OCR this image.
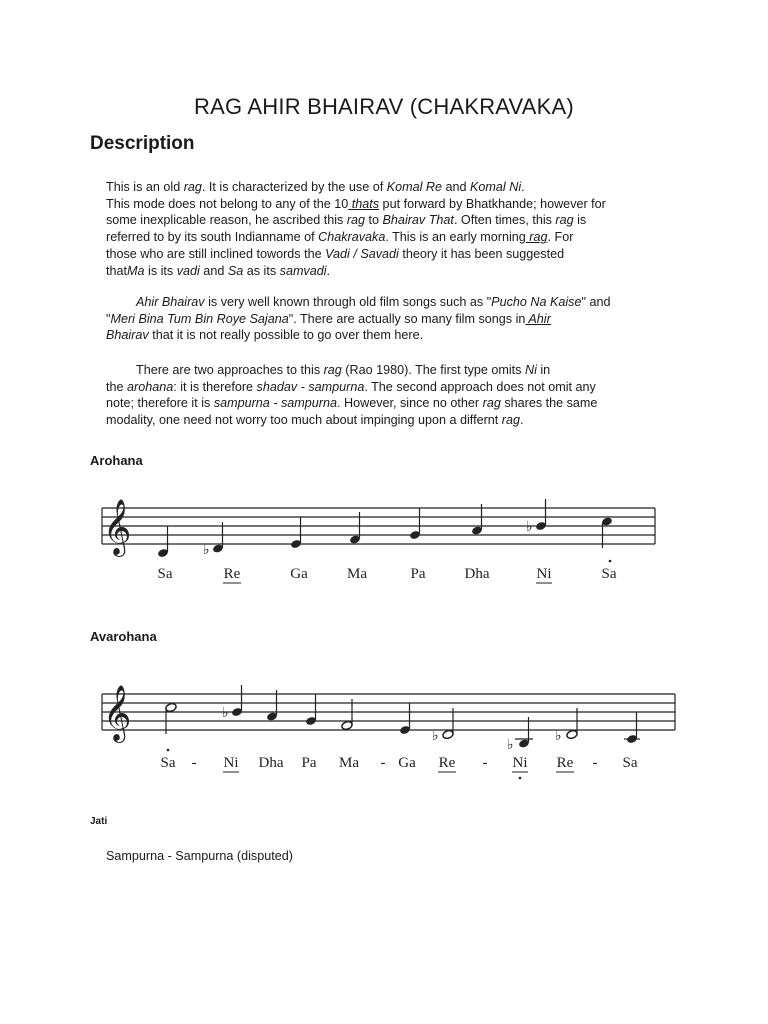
RAG AHIR BHAIRAV (CHAKRAVAKA)
Description
This is an old rag. It is characterized by the use of Komal Re and Komal Ni.
This mode does not belong to any of the 10 thats put forward by Bhatkhande; however for
some inexplicable reason, he ascribed this rag to Bhairav That. Often times, this rag is
referred to by its south Indianname of Chakravaka. This is an early morning rag. For
those who are still inclined towords the Vadi / Savadi theory it has been suggested
thatMa is its vadi and Sa as its samvadi.
Ahir Bhairav is very well known through old film songs such as "Pucho Na Kaise" and
"Meri Bina Tum Bin Roye Sajana". There are actually so many film songs in Ahir
Bhairav that it is not really possible to go over them here.
There are two approaches to this rag (Rao 1980). The first type omits Ni in
the arohana: it is therefore shadav - sampurna. The second approach does not omit any
note; therefore it is sampurna - sampurna. However, since no other rag shares the same
modality, one need not worry too much about impinging upon a differnt rag.
Arohana
𝄞	♭
♭
Sa	Re	Ga	Ma	Pa	Dha	Ni	Sa
Avarohana
𝄞	♭
♭
♭
♭
Sa - Ni Dha Pa Ma - Ga Re - Ni Re - Sa
Jati

Sampurna - Sampurna (disputed)
